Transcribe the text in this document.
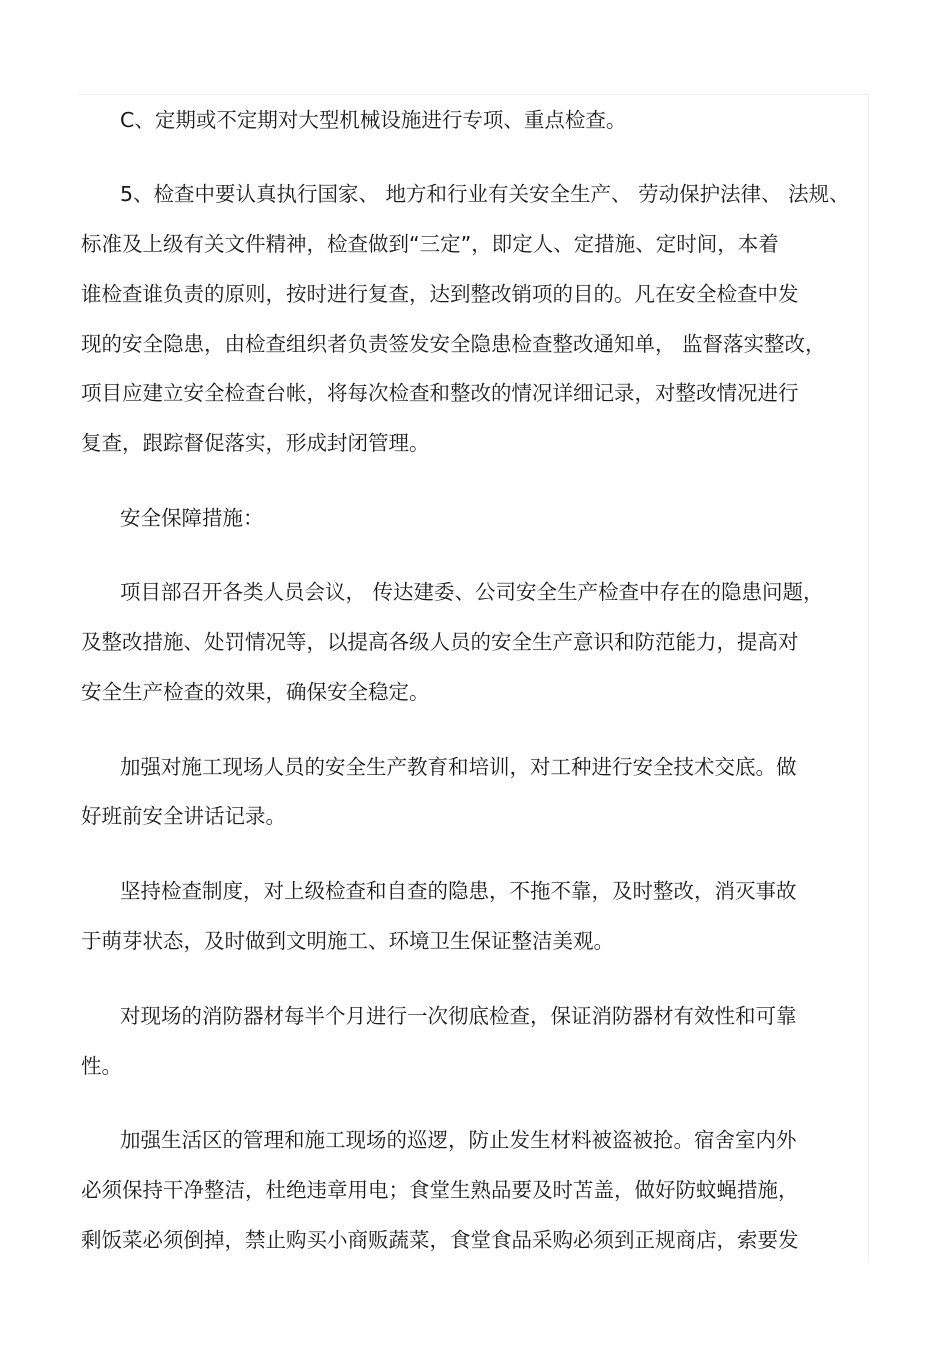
C、定期或不定期对大型机械设施进行专项、重点检查。

5、检查中要认真执行国家、 地方和行业有关安全生产、 劳动保护法律、 法规、

标准及上级有关文件精神，检查做到“三定”，即定人、定措施、定时间，本着

谁检查谁负责的原则，按时进行复查，达到整改销项的目的。凡在安全检查中发

现的安全隐患，由检查组织者负责签发安全隐患检查整改通知单， 监督落实整改，

项目应建立安全检查台帐，将每次检查和整改的情况详细记录，对整改情况进行

复查，跟踪督促落实，形成封闭管理。

安全保障措施：

项目部召开各类人员会议， 传达建委、公司安全生产检查中存在的隐患问题，

及整改措施、处罚情况等，以提高各级人员的安全生产意识和防范能力，提高对

安全生产检查的效果，确保安全稳定。

加强对施工现场人员的安全生产教育和培训，对工种进行安全技术交底。做

好班前安全讲话记录。

坚持检查制度，对上级检查和自查的隐患，不拖不靠，及时整改，消灭事故

于萌芽状态，及时做到文明施工、环境卫生保证整洁美观。

对现场的消防器材每半个月进行一次彻底检查，保证消防器材有效性和可靠

性。

加强生活区的管理和施工现场的巡逻，防止发生材料被盗被抢。宿舍室内外

必须保持干净整洁，杜绝违章用电；食堂生熟品要及时苫盖，做好防蚊蝇措施，

剩饭菜必须倒掉，禁止购买小商贩蔬菜，食堂食品采购必须到正规商店，索要发
